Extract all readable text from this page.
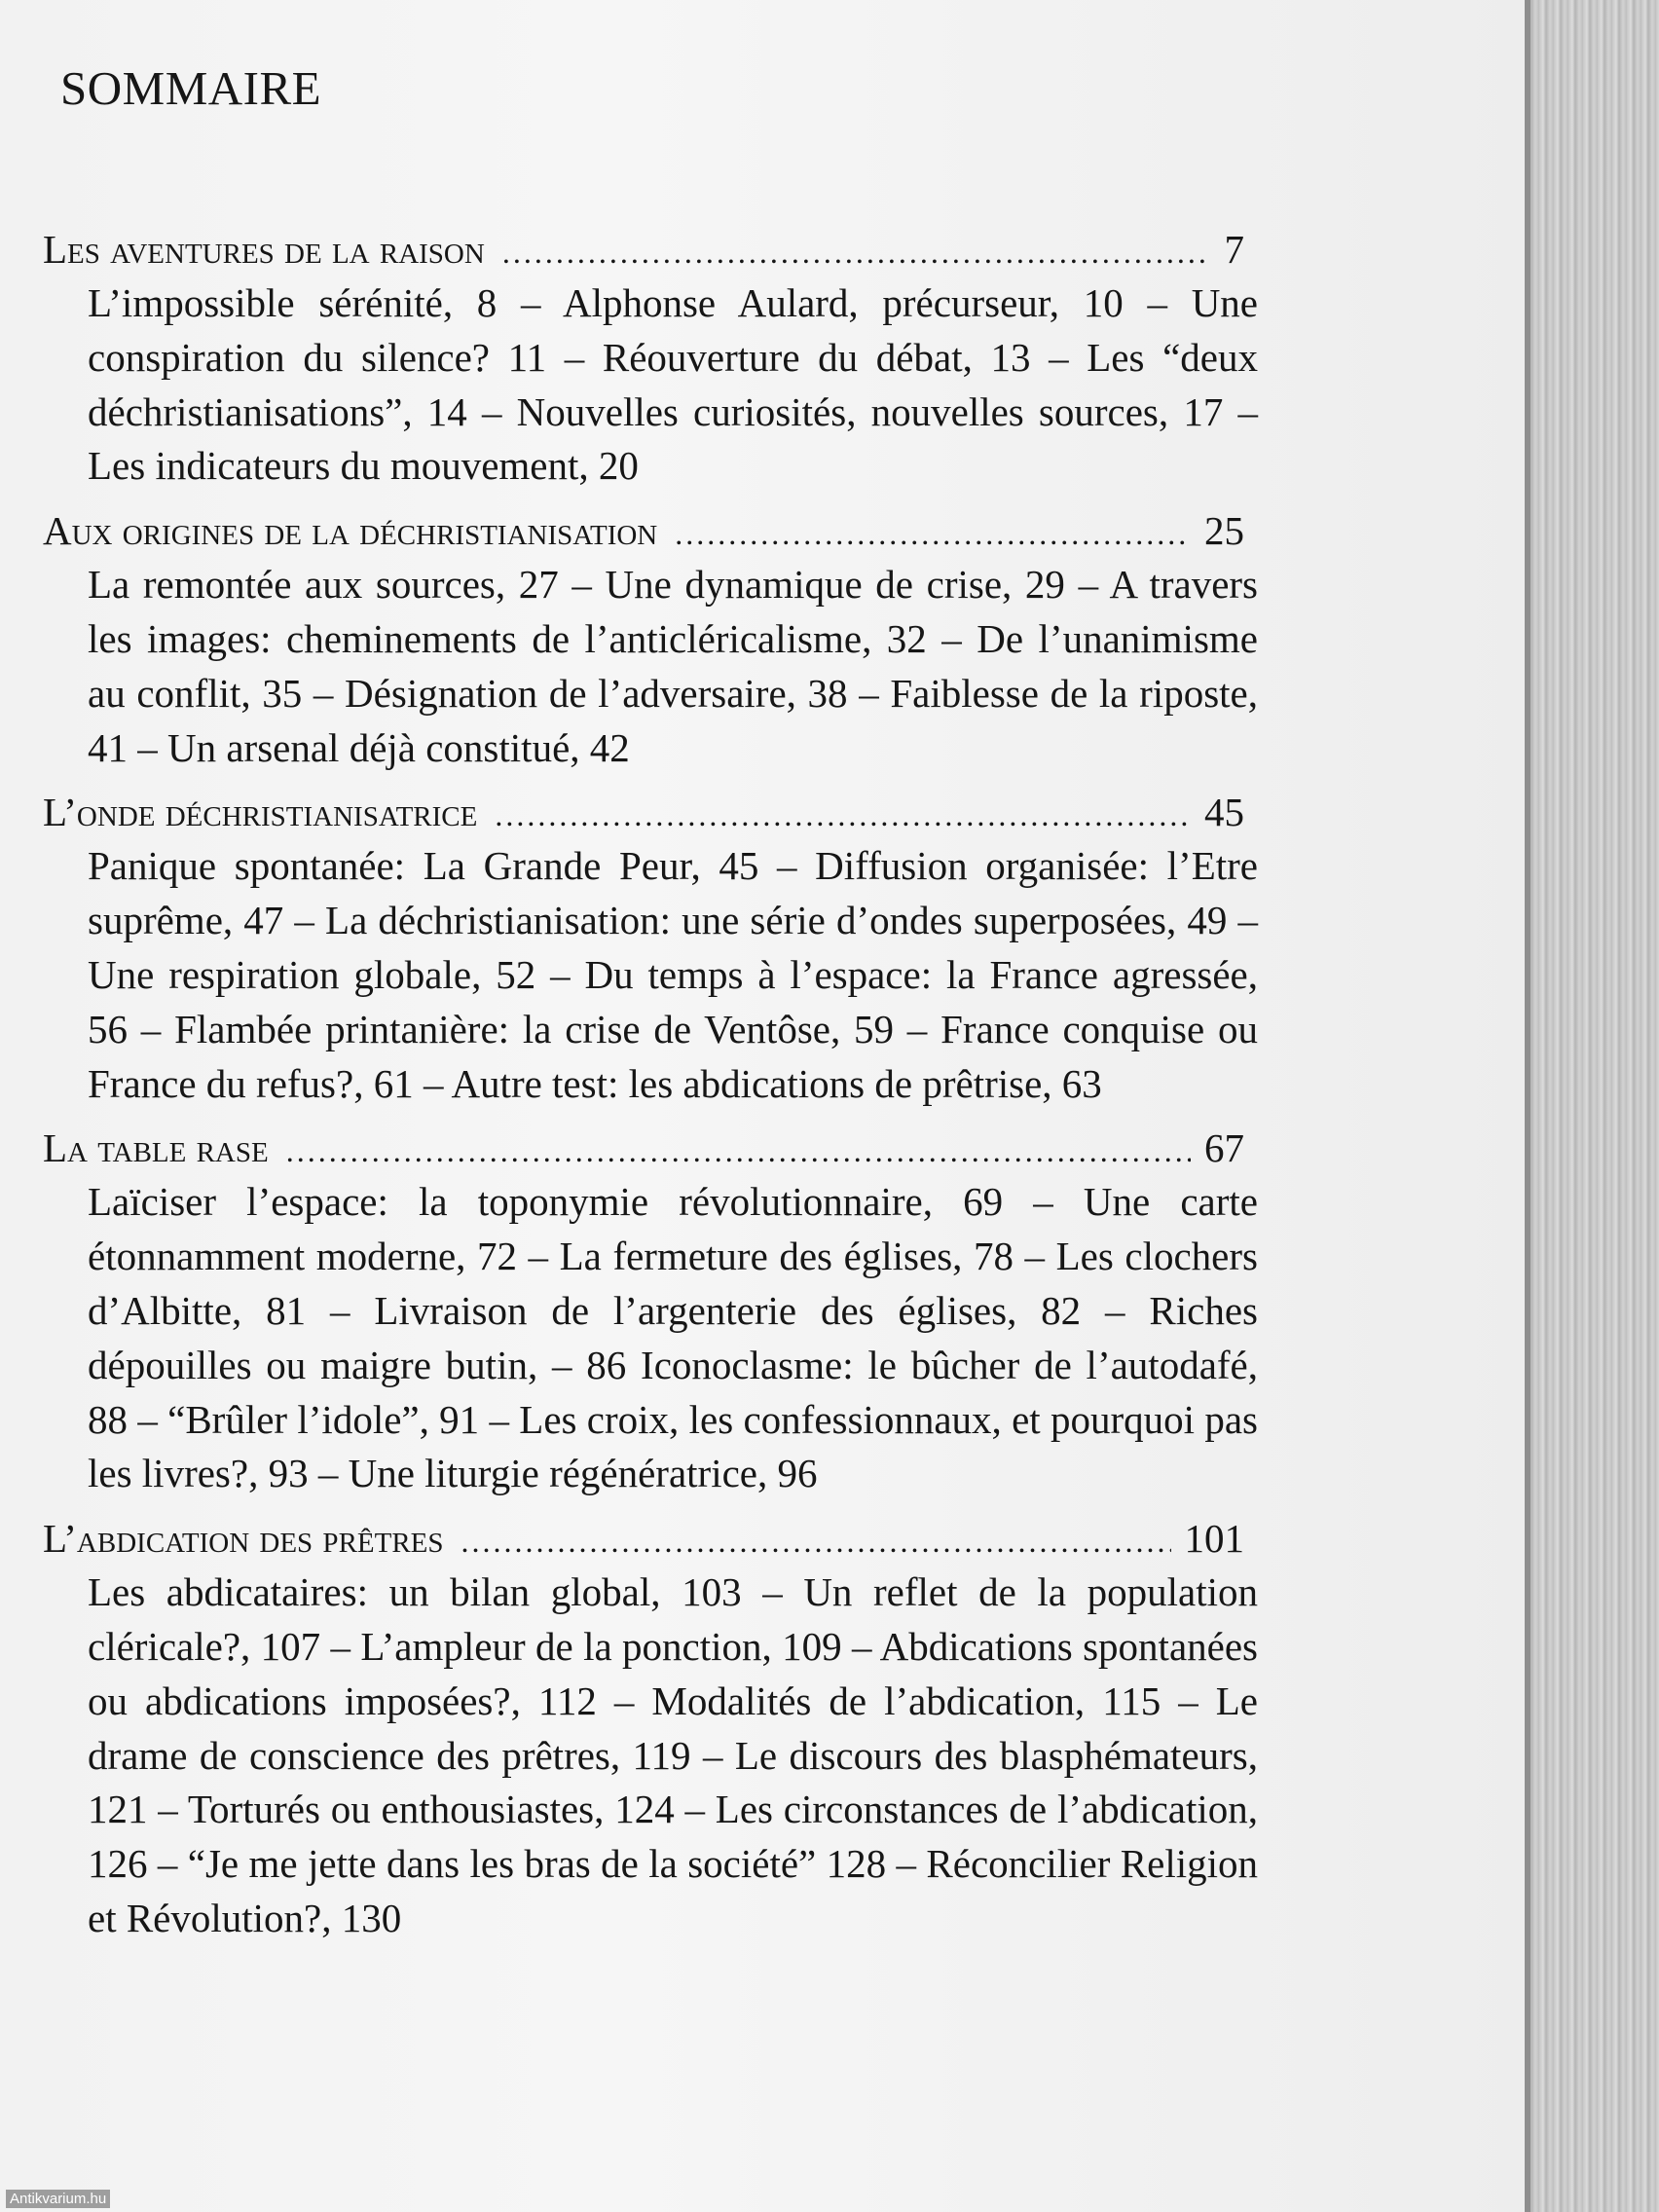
SOMMAIRE
Les aventures de la raison .....	7

L’impossible sérénité, 8 – Alphonse Aulard, précurseur, 10 – Une conspiration du silence? 11 – Réouverture du débat, 13 – Les “deux déchristianisations”, 14 – Nouvelles curiosités, nouvelles sources, 17 – Les indicateurs du mouvement, 20

Aux origines de la déchristianisation .....	25

La remontée aux sources, 27 – Une dynamique de crise, 29 – A travers les images: cheminements de l’anticléricalisme, 32 – De l’unanimisme au conflit, 35 – Désignation de l’adversaire, 38 – Faiblesse de la riposte, 41 – Un arsenal déjà constitué, 42

L’onde déchristianisatrice .....	45

Panique spontanée: La Grande Peur, 45 – Diffusion organisée: l’Etre suprême, 47 – La déchristianisation: une série d’ondes superposées, 49 – Une respiration globale, 52 – Du temps à l’espace: la France agressée, 56 – Flambée printanière: la crise de Ventôse, 59 – France conquise ou France du refus?, 61 – Autre test: les abdications de prêtrise, 63

La table rase .....	67

Laïciser l’espace: la toponymie révolutionnaire, 69 – Une carte étonnamment moderne, 72 – La fermeture des églises, 78 – Les clochers d’Albitte, 81 – Livraison de l’argenterie des églises, 82 – Riches dépouilles ou maigre butin, – 86 Iconoclasme: le bûcher de l’autodafé, 88 – “Brûler l’idole”, 91 – Les croix, les confessionnaux, et pourquoi pas les livres?, 93 – Une liturgie régénératrice, 96

L’abdication des prêtres .....	101

Les abdicataires: un bilan global, 103 – Un reflet de la population cléricale?, 107 – L’ampleur de la ponction, 109 – Abdications spontanées ou abdications imposées?, 112 – Modalités de l’abdication, 115 – Le drame de conscience des prêtres, 119 – Le discours des blasphémateurs, 121 – Torturés ou enthousiastes, 124 – Les circonstances de l’abdication, 126 – “Je me jette dans les bras de la société” 128 – Réconcilier Religion et Révolution?, 130

Antikvarium.hu
